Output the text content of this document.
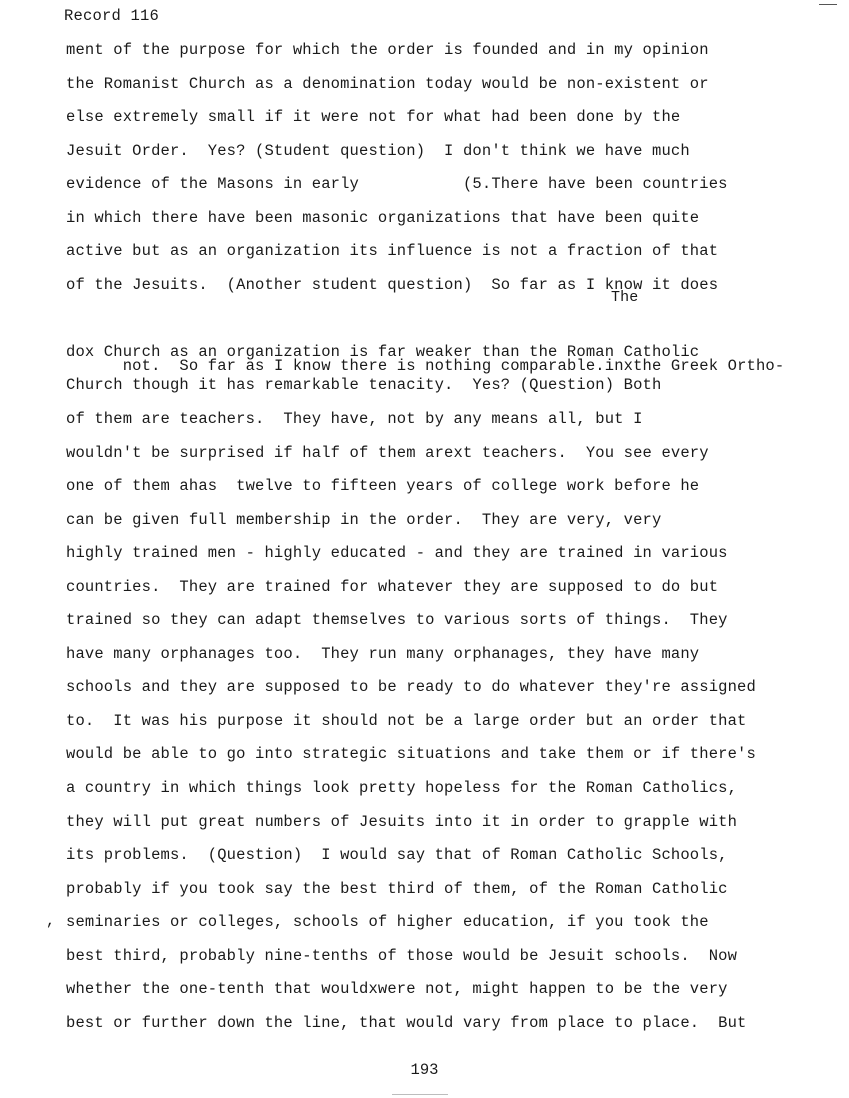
Record 116
ment of the purpose for which the order is founded and in my opinion
the Romanist Church as a denomination today would be non-existent or
else extremely small if it were not for what had been done by the
Jesuit Order.  Yes? (Student question)  I don't think we have much
evidence of the Masons in early           (5.There have been countries
in which there have been masonic organizations that have been quite
active but as an organization its influence is not a fraction of that
of the Jesuits.  (Another student question)  So far as I know it does

The

not.  So far as I know there is nothing comparable.inxthe Greek Ortho-

dox Church as an organization is far weaker than the Roman Catholic
Church though it has remarkable tenacity.  Yes? (Question) Both
of them are teachers.  They have, not by any means all, but I
wouldn't be surprised if half of them arext teachers.  You see every
one of them ahas  twelve to fifteen years of college work before he
can be given full membership in the order.  They are very, very
highly trained men - highly educated - and they are trained in various
countries.  They are trained for whatever they are supposed to do but
trained so they can adapt themselves to various sorts of things.  They
have many orphanages too.  They run many orphanages, they have many
schools and they are supposed to be ready to do whatever they're assigned
to.  It was his purpose it should not be a large order but an order that
would be able to go into strategic situations and take them or if there's
a country in which things look pretty hopeless for the Roman Catholics,
they will put great numbers of Jesuits into it in order to grapple with
its problems.  (Question)  I would say that of Roman Catholic Schools,
probably if you took say the best third of them, of the Roman Catholic
seminaries or colleges, schools of higher education, if you took the
best third, probably nine-tenths of those would be Jesuit schools.  Now
whether the one-tenth that wouldxwere not, might happen to be the very
best or further down the line, that would vary from place to place.  But
,
193
